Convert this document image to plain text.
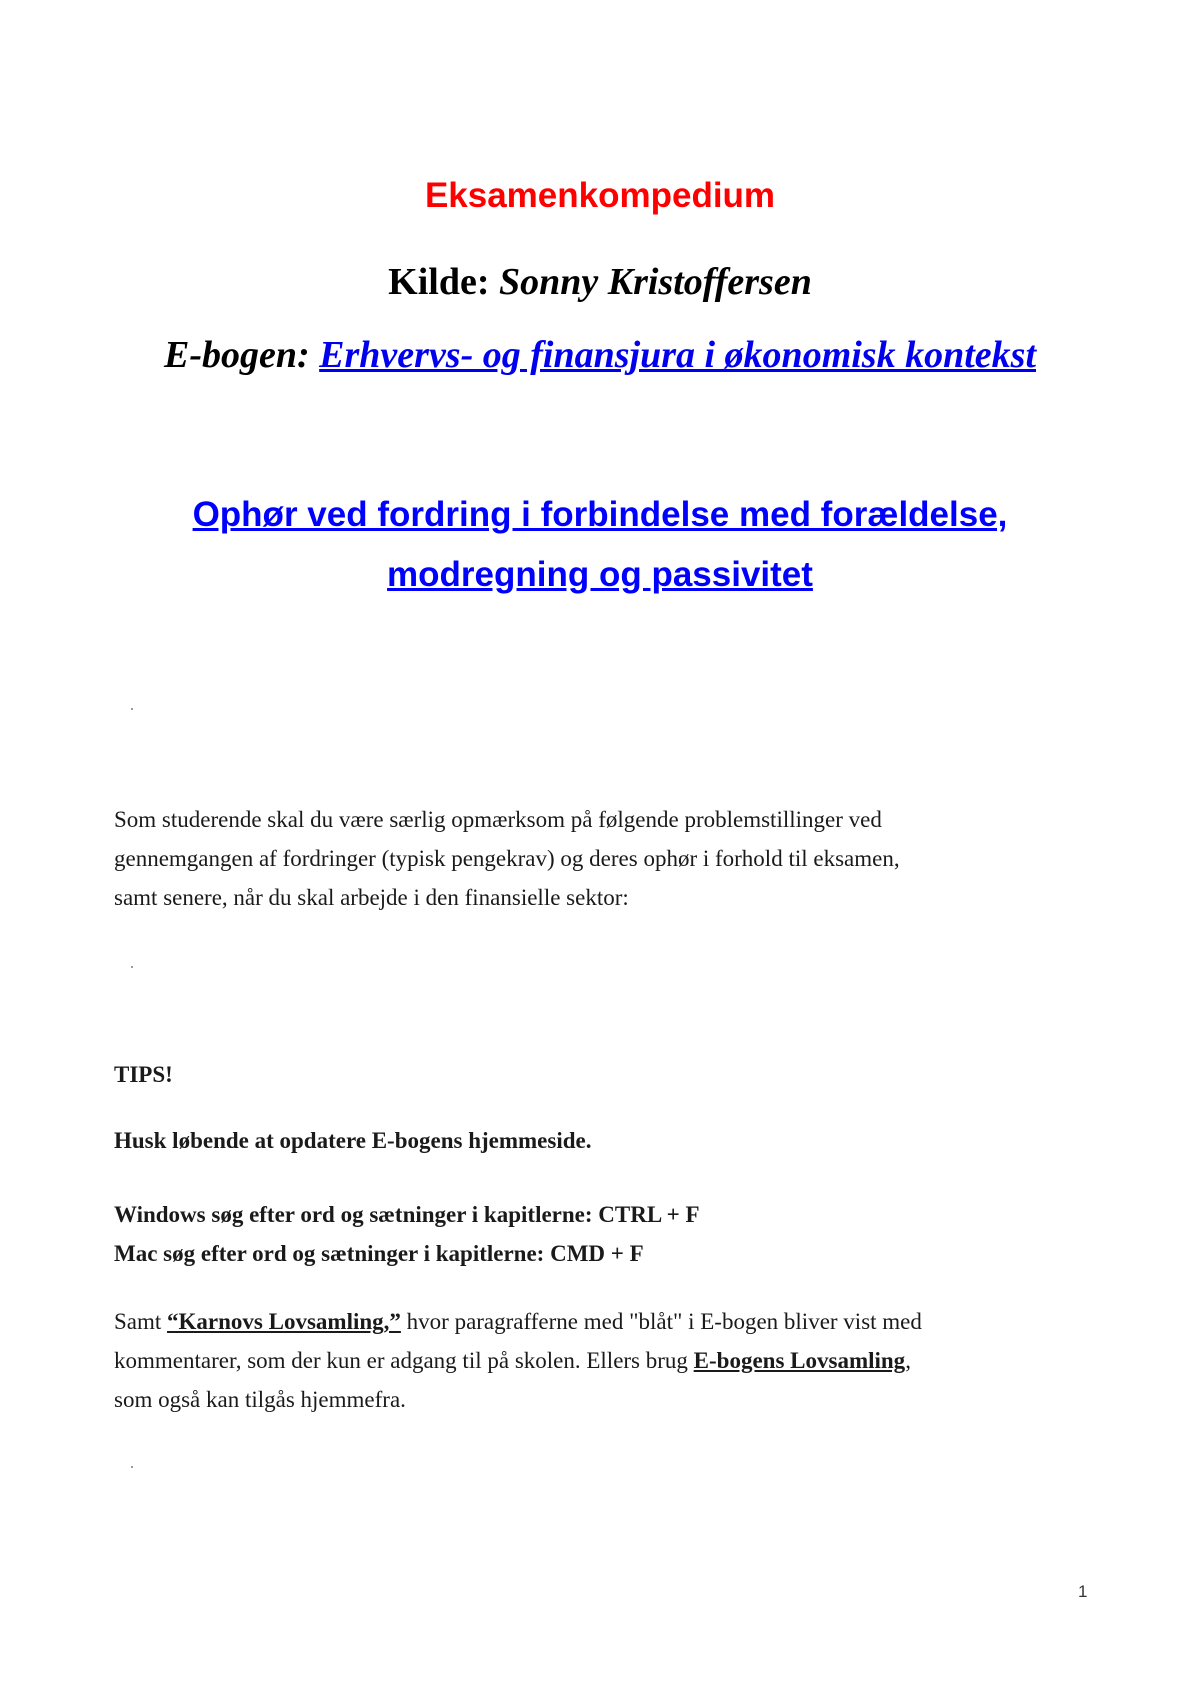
Eksamenkompedium
Kilde: Sonny Kristoffersen
E-bogen: Erhvervs- og finansjura i økonomisk kontekst
Ophør ved fordring i forbindelse med forældelse,
modregning og passivitet
Som studerende skal du være særlig opmærksom på følgende problemstillinger ved
gennemgangen af fordringer (typisk pengekrav) og deres ophør i forhold til eksamen,
samt senere, når du skal arbejde i den finansielle sektor:
TIPS!
Husk løbende at opdatere E-bogens hjemmeside.
Windows søg efter ord og sætninger i kapitlerne: CTRL + F
Mac søg efter ord og sætninger i kapitlerne: CMD + F
Samt “Karnovs Lovsamling,” hvor paragrafferne med "blåt" i E-bogen bliver vist med
kommentarer, som der kun er adgang til på skolen. Ellers brug E-bogens Lovsamling,
som også kan tilgås hjemmefra.
1
